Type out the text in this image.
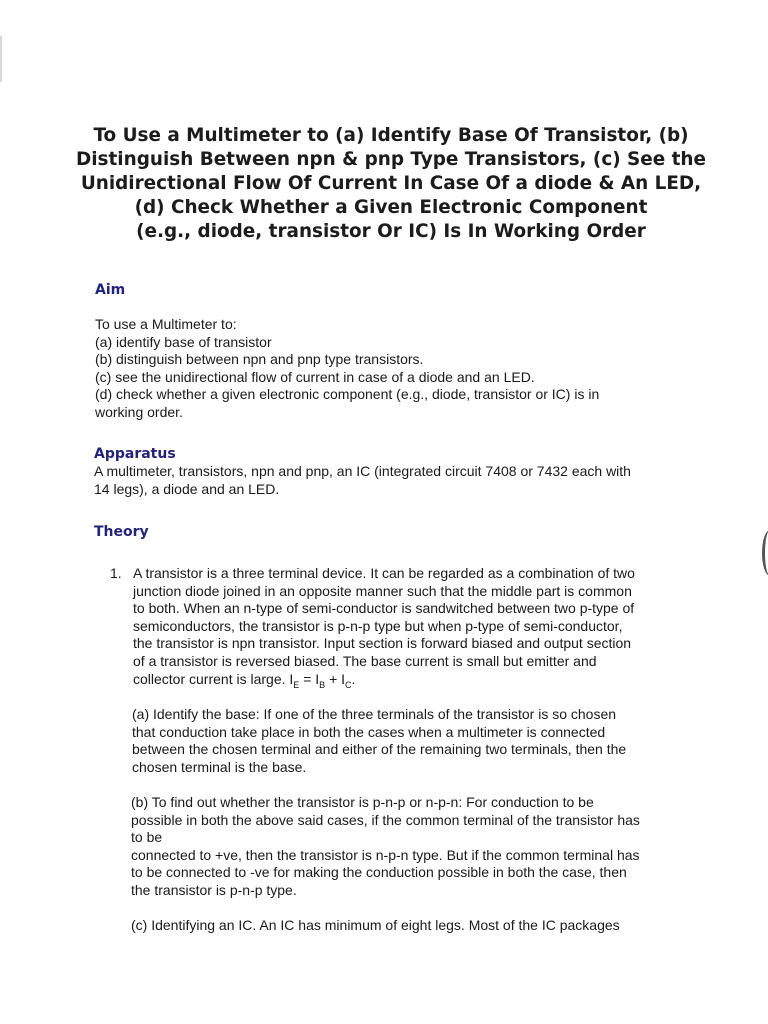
To Use a Multimeter to (a) Identify Base Of Transistor, (b)
Distinguish Between npn & pnp Type Transistors, (c) See the
Unidirectional Flow Of Current In Case Of a diode & An LED,
(d) Check Whether a Given Electronic Component
(e.g., diode, transistor Or IC) Is In Working Order
Aim
To use a Multimeter to:
(a) identify base of transistor
(b) distinguish between npn and pnp type transistors.
(c) see the unidirectional flow of current in case of a diode and an LED.
(d) check whether a given electronic component (e.g., diode, transistor or IC) is in
working order.
Apparatus
A multimeter, transistors, npn and pnp, an IC (integrated circuit 7408 or 7432 each with
14 legs), a diode and an LED.
Theory
1. A transistor is a three terminal device. It can be regarded as a combination of two
junction diode joined in an opposite manner such that the middle part is common
to both. When an n-type of semi-conductor is sandwitched between two p-type of
semiconductors, the transistor is p-n-p type but when p-type of semi-conductor,
the transistor is npn transistor. Input section is forward biased and output section
of a transistor is reversed biased. The base current is small but emitter and
collector current is large. $I_E = I_B + I_C$.
(a) Identify the base: If one of the three terminals of the transistor is so chosen
that conduction take place in both the cases when a multimeter is connected
between the chosen terminal and either of the remaining two terminals, then the
chosen terminal is the base.
(b) To find out whether the transistor is p-n-p or n-p-n: For conduction to be
possible in both the above said cases, if the common terminal of the transistor has
to be
connected to +ve, then the transistor is n-p-n type. But if the common terminal has
to be connected to -ve for making the conduction possible in both the case, then
the transistor is p-n-p type.
(c) Identifying an IC. An IC has minimum of eight legs. Most of the IC packages
